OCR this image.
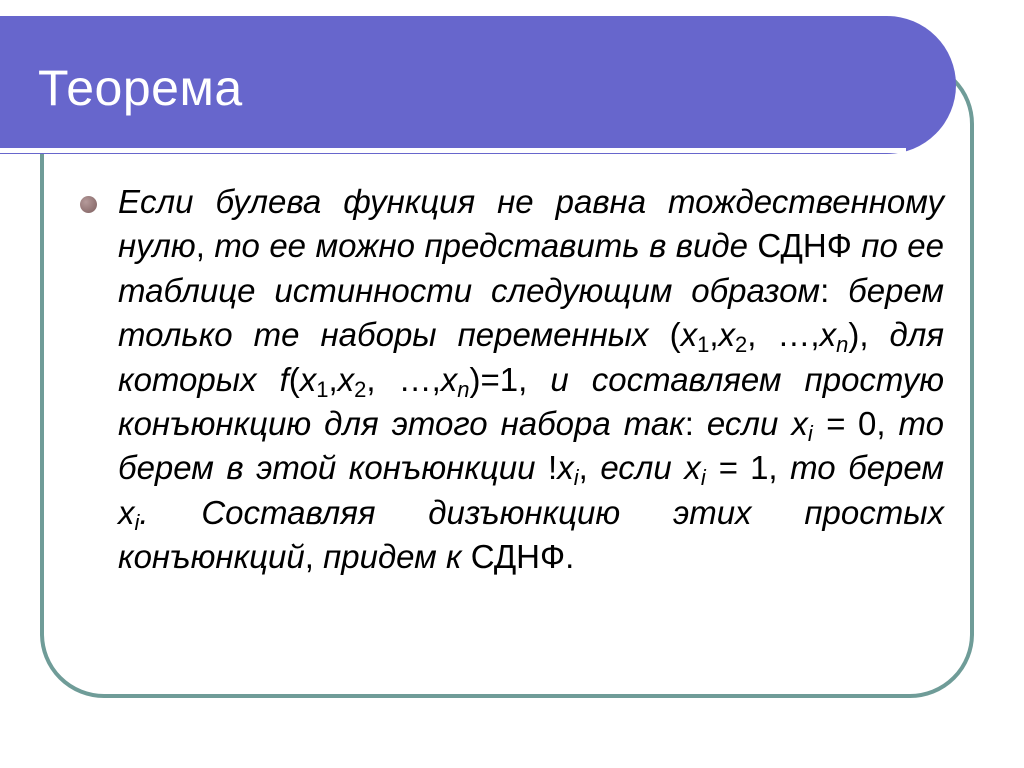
Теорема

Если булева функция не равна тождественному нулю, то ее можно представить в виде СДНФ по ее таблице истинности следующим образом: берем только те наборы переменных ($x_1,x_2$, $\dots,x_n$), для которых $f(x_1,x_2$, $\dots,x_n)=1$, и составляем простую конъюнкцию для этого набора так: если $x_i = 0$, то берем в этой конъюнкции $!x_i$, если $x_i = 1$, то берем $x_i$. Составляя дизъюнкцию этих простых конъюнкций, придем к СДНФ.
